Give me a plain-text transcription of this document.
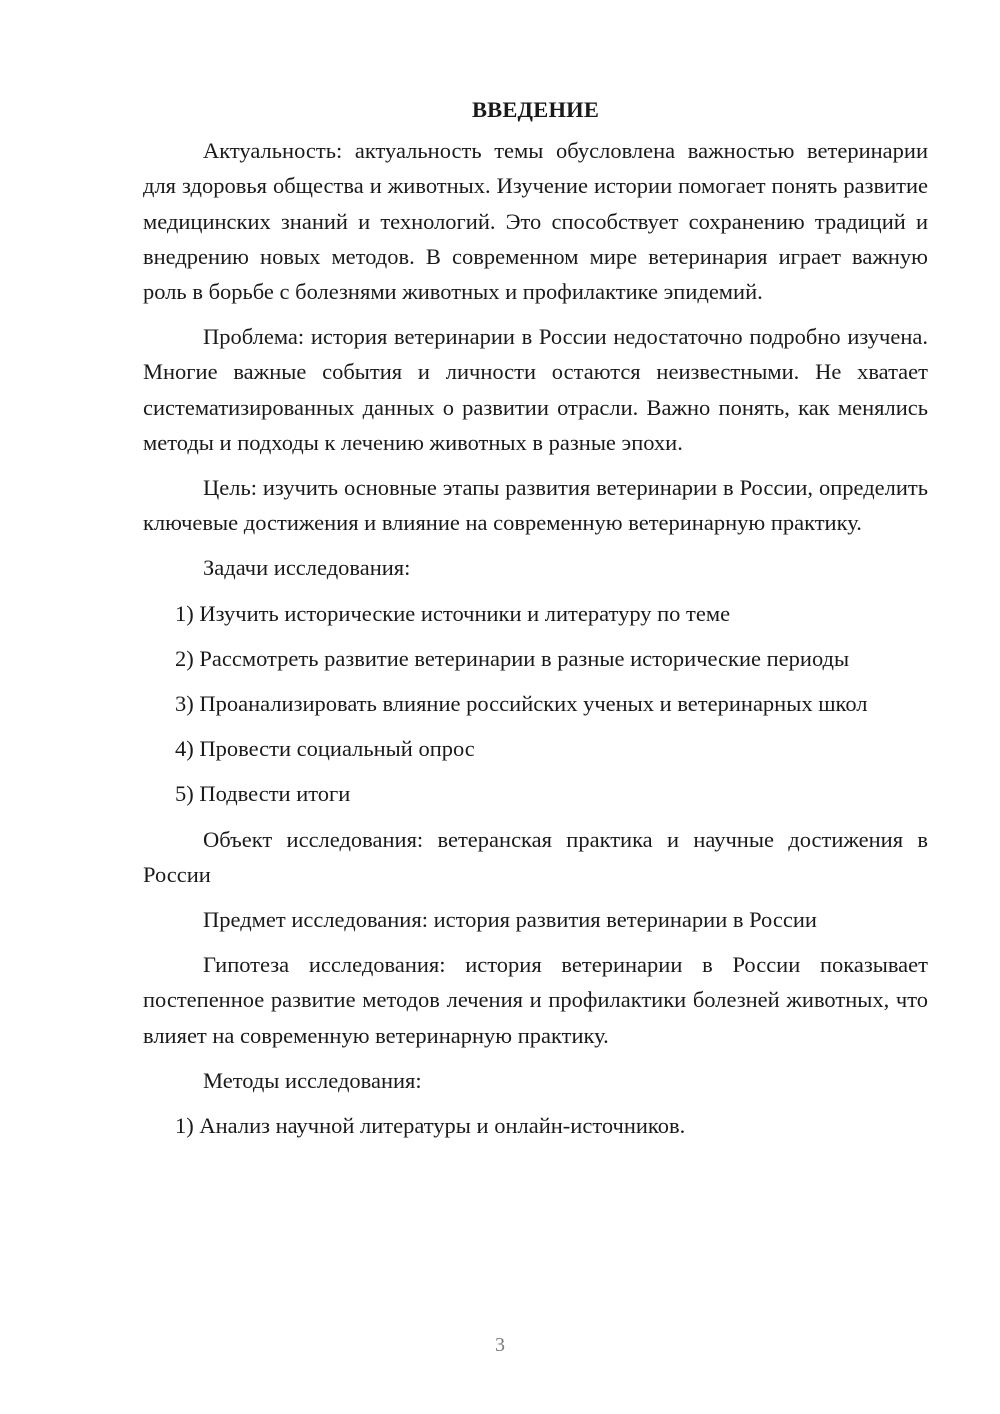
ВВЕДЕНИЕ

Актуальность: актуальность темы обусловлена важностью ветеринарии для здоровья общества и животных. Изучение истории помогает понять развитие медицинских знаний и технологий. Это способствует сохранению традиций и внедрению новых методов. В современном мире ветеринария играет важную роль в борьбе с болезнями животных и профилактике эпидемий.

Проблема: история ветеринарии в России недостаточно подробно изучена. Многие важные события и личности остаются неизвестными. Не хватает систематизированных данных о развитии отрасли. Важно понять, как менялись методы и подходы к лечению животных в разные эпохи.

Цель: изучить основные этапы развития ветеринарии в России, определить ключевые достижения и влияние на современную ветеринарную практику.

Задачи исследования:

1) Изучить исторические источники и литературу по теме

2) Рассмотреть развитие ветеринарии в разные исторические периоды

3) Проанализировать влияние российских ученых и ветеринарных школ

4) Провести социальный опрос

5) Подвести итоги

Объект исследования: ветеранская практика и научные достижения в России

Предмет исследования: история развития ветеринарии в России

Гипотеза исследования: история ветеринарии в России показывает постепенное развитие методов лечения и профилактики болезней животных, что влияет на современную ветеринарную практику.

Методы исследования:

1) Анализ научной литературы и онлайн-источников.

3
